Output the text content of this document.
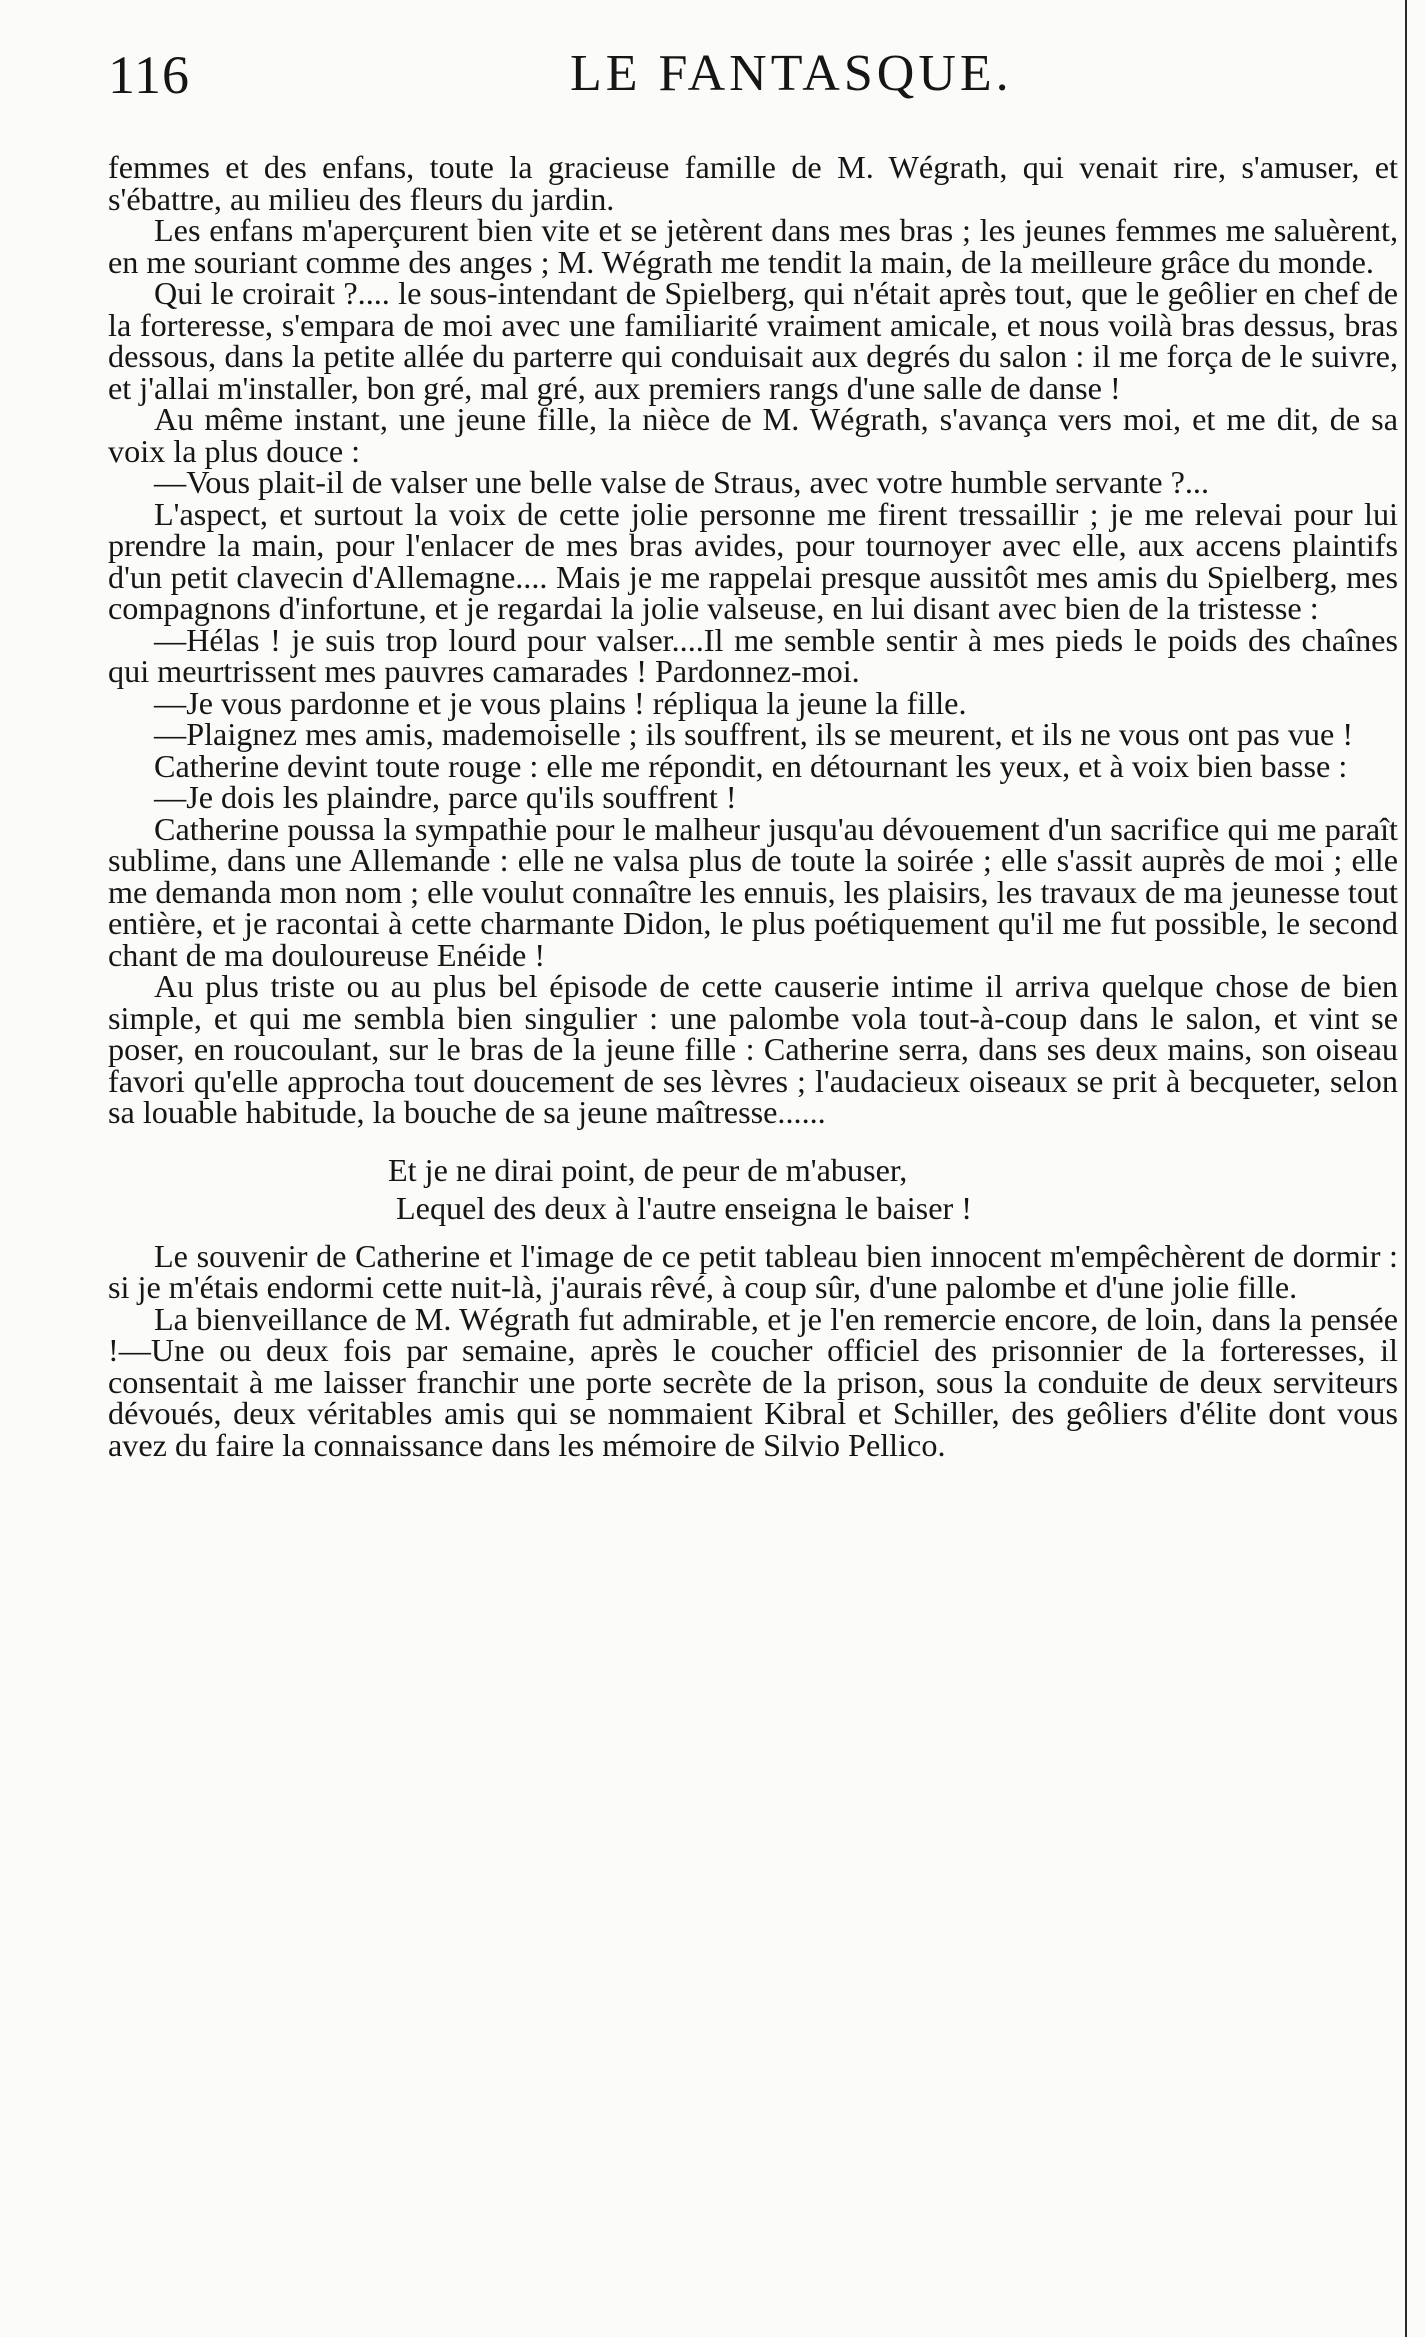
116	LE FANTASQUE.

femmes et des enfans, toute la gracieuse famille de M. Wégrath, qui venait rire, s'amuser, et s'ébattre, au milieu des fleurs du jardin.

Les enfans m'aperçurent bien vite et se jetèrent dans mes bras ; les jeunes femmes me saluèrent, en me souriant comme des anges ; M. Wégrath me tendit la main, de la meilleure grâce du monde.

Qui le croirait ?.... le sous-intendant de Spielberg, qui n'était après tout, que le geôlier en chef de la forteresse, s'empara de moi avec une familiarité vraiment amicale, et nous voilà bras dessus, bras dessous, dans la petite allée du parterre qui conduisait aux degrés du salon : il me força de le suivre, et j'allai m'installer, bon gré, mal gré, aux premiers rangs d'une salle de danse !

Au même instant, une jeune fille, la nièce de M. Wégrath, s'avança vers moi, et me dit, de sa voix la plus douce :

—Vous plait-il de valser une belle valse de Straus, avec votre humble servante ?...

L'aspect, et surtout la voix de cette jolie personne me firent tressaillir ; je me relevai pour lui prendre la main, pour l'enlacer de mes bras avides, pour tournoyer avec elle, aux accens plaintifs d'un petit clavecin d'Allemagne.... Mais je me rappelai presque aussitôt mes amis du Spielberg, mes compagnons d'infortune, et je regardai la jolie valseuse, en lui disant avec bien de la tristesse :

—Hélas ! je suis trop lourd pour valser....Il me semble sentir à mes pieds le poids des chaînes qui meurtrissent mes pauvres camarades ! Pardonnez-moi.

—Je vous pardonne et je vous plains ! répliqua la jeune la fille.

—Plaignez mes amis, mademoiselle ; ils souffrent, ils se meurent, et ils ne vous ont pas vue !

Catherine devint toute rouge : elle me répondit, en détournant les yeux, et à voix bien basse :

—Je dois les plaindre, parce qu'ils souffrent !

Catherine poussa la sympathie pour le malheur jusqu'au dévouement d'un sacrifice qui me paraît sublime, dans une Allemande : elle ne valsa plus de toute la soirée ; elle s'assit auprès de moi ; elle me demanda mon nom ; elle voulut connaître les ennuis, les plaisirs, les travaux de ma jeunesse tout entière, et je racontai à cette charmante Didon, le plus poétiquement qu'il me fut possible, le second chant de ma douloureuse Enéide !

Au plus triste ou au plus bel épisode de cette causerie intime il arriva quelque chose de bien simple, et qui me sembla bien singulier : une palombe vola tout-à-coup dans le salon, et vint se poser, en roucoulant, sur le bras de la jeune fille : Catherine serra, dans ses deux mains, son oiseau favori qu'elle approcha tout doucement de ses lèvres ; l'audacieux oiseaux se prit à becqueter, selon sa louable habitude, la bouche de sa jeune maîtresse......

Et je ne dirai point, de peur de m'abuser,
Lequel des deux à l'autre enseigna le baiser !

Le souvenir de Catherine et l'image de ce petit tableau bien innocent m'empêchèrent de dormir : si je m'étais endormi cette nuit-là, j'aurais rêvé, à coup sûr, d'une palombe et d'une jolie fille.

La bienveillance de M. Wégrath fut admirable, et je l'en remercie encore, de loin, dans la pensée !—Une ou deux fois par semaine, après le coucher officiel des prisonnier de la forteresses, il consentait à me laisser franchir une porte secrète de la prison, sous la conduite de deux serviteurs dévoués, deux véritables amis qui se nommaient Kibral et Schiller, des geôliers d'élite dont vous avez du faire la connaissance dans les mémoire de Silvio Pellico.
